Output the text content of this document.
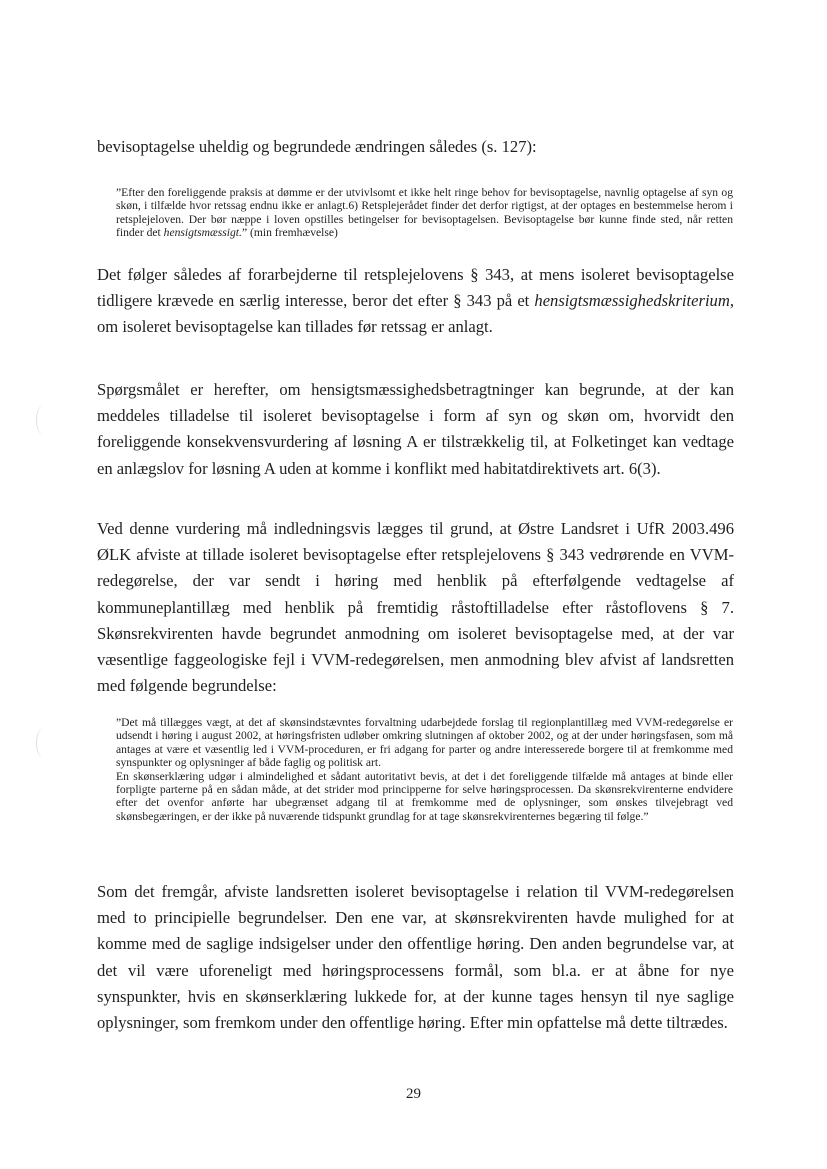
bevisoptagelse uheldig og begrundede ændringen således (s. 127):

”Efter den foreliggende praksis at dømme er der utvivlsomt et ikke helt ringe behov for bevisoptagelse, navnlig optagelse af syn og skøn, i tilfælde hvor retssag endnu ikke er anlagt.6) Retsplejerådet finder det derfor rigtigst, at der optages en bestemmelse herom i retsplejeloven. Der bør næppe i loven opstilles betingelser for bevisoptagelsen. Bevisoptagelse bør kunne finde sted, når retten finder det hensigtsmæssigt.” (min fremhævelse)

Det følger således af forarbejderne til retsplejelovens § 343, at mens isoleret bevisoptagelse tidligere krævede en særlig interesse, beror det efter § 343 på et hensigtsmæssighedskriterium, om isoleret bevisoptagelse kan tillades før retssag er anlagt.

Spørgsmålet er herefter, om hensigtsmæssighedsbetragtninger kan begrunde, at der kan meddeles tilladelse til isoleret bevisoptagelse i form af syn og skøn om, hvorvidt den foreliggende konsekvensvurdering af løsning A er tilstrækkelig til, at Folketinget kan vedtage en anlægslov for løsning A uden at komme i konflikt med habitatdirektivets art. 6(3).

Ved denne vurdering må indledningsvis lægges til grund, at Østre Landsret i UfR 2003.496 ØLK afviste at tillade isoleret bevisoptagelse efter retsplejelovens § 343 vedrørende en VVM-redegørelse, der var sendt i høring med henblik på efterfølgende vedtagelse af kommuneplantillæg med henblik på fremtidig råstoftilladelse efter råstoflovens § 7. Skønsrekvirenten havde begrundet anmodning om isoleret bevisoptagelse med, at der var væsentlige faggeologiske fejl i VVM-redegørelsen, men anmodning blev afvist af landsretten med følgende begrundelse:

”Det må tillægges vægt, at det af skønsindstævntes forvaltning udarbejdede forslag til regionplantillæg med VVM-redegørelse er udsendt i høring i august 2002, at høringsfristen udløber omkring slutningen af oktober 2002, og at der under høringsfasen, som må antages at være et væsentlig led i VVM-proceduren, er fri adgang for parter og andre interesserede borgere til at fremkomme med synspunkter og oplysninger af både faglig og politisk art.
En skønserklæring udgør i almindelighed et sådant autoritativt bevis, at det i det foreliggende tilfælde må antages at binde eller forpligte parterne på en sådan måde, at det strider mod principperne for selve høringsprocessen. Da skønsrekvirenterne endvidere efter det ovenfor anførte har ubegrænset adgang til at fremkomme med de oplysninger, som ønskes tilvejebragt ved skønsbegæringen, er der ikke på nuværende tidspunkt grundlag for at tage skønsrekvirenternes begæring til følge.”

Som det fremgår, afviste landsretten isoleret bevisoptagelse i relation til VVM-redegørelsen med to principielle begrundelser. Den ene var, at skønsrekvirenten havde mulighed for at komme med de saglige indsigelser under den offentlige høring. Den anden begrundelse var, at det vil være uforeneligt med høringsprocessens formål, som bl.a. er at åbne for nye synspunkter, hvis en skønserklæring lukkede for, at der kunne tages hensyn til nye saglige oplysninger, som fremkom under den offentlige høring. Efter min opfattelse må dette tiltrædes.

29
